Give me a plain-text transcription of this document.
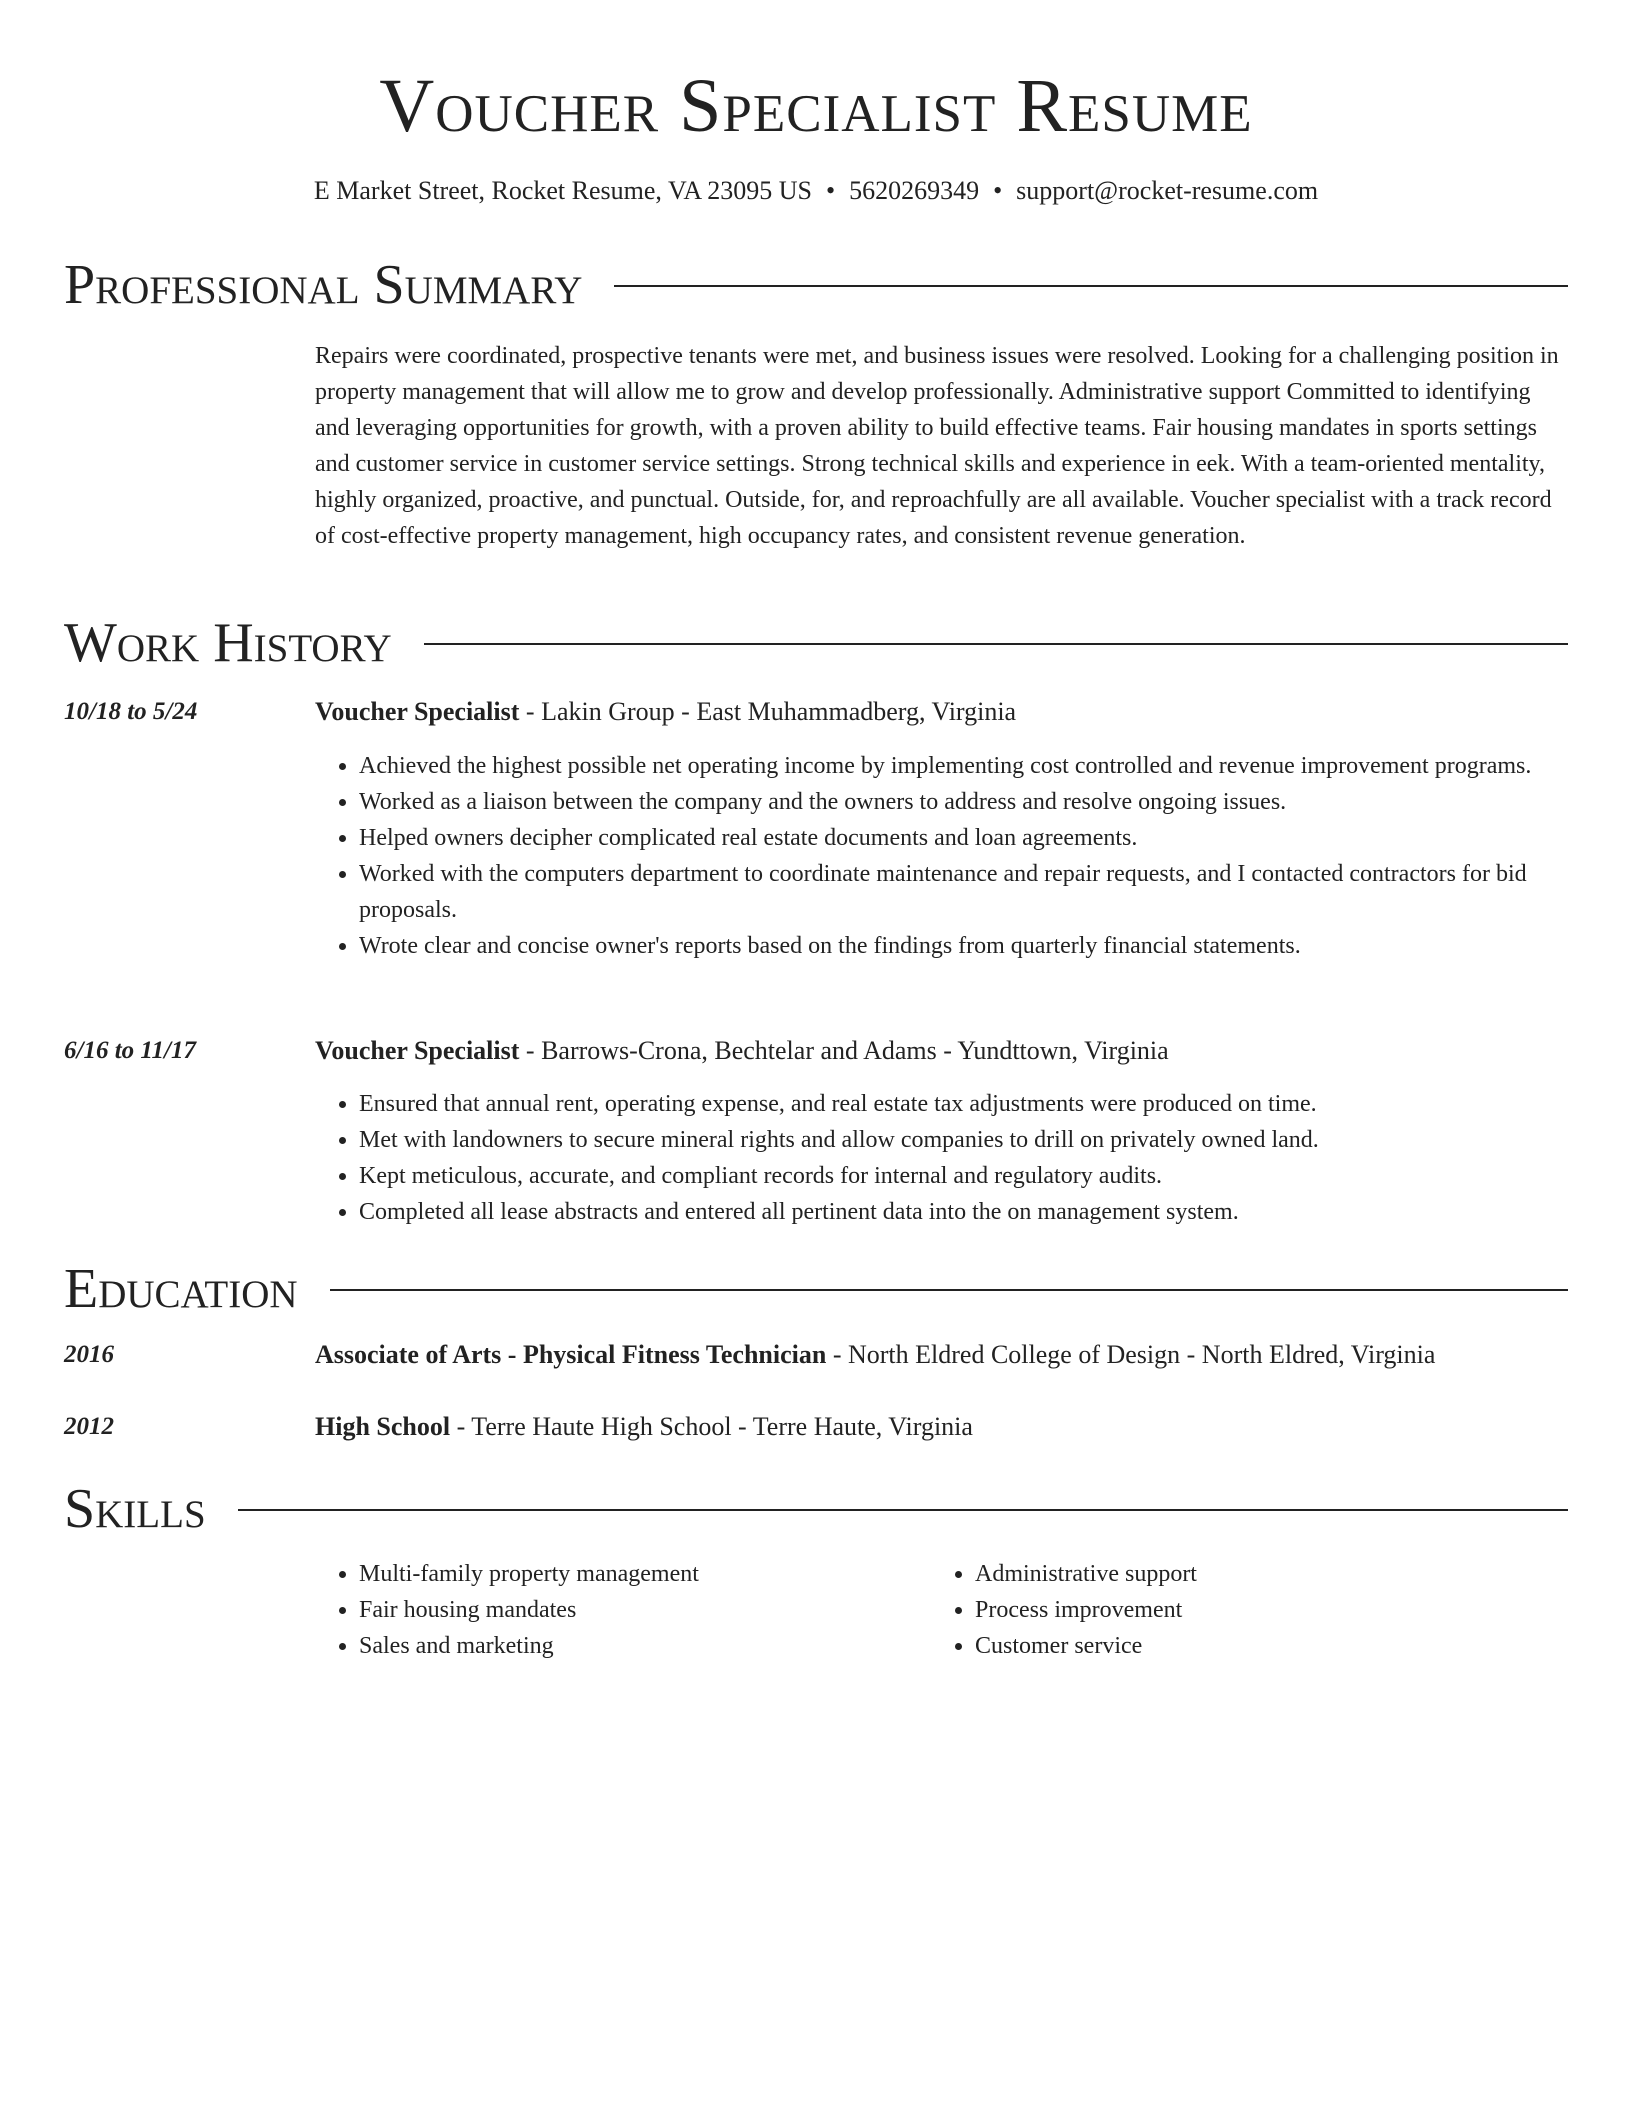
Voucher Specialist Resume
E Market Street, Rocket Resume, VA 23095 US • 5620269349 • support@rocket-resume.com
Professional Summary

Repairs were coordinated, prospective tenants were met, and business issues were resolved. Looking for a challenging position in property management that will allow me to grow and develop professionally. Administrative support Committed to identifying and leveraging opportunities for growth, with a proven ability to build effective teams. Fair housing mandates in sports settings and customer service in customer service settings. Strong technical skills and experience in eek. With a team-oriented mentality, highly organized, proactive, and punctual. Outside, for, and reproachfully are all available. Voucher specialist with a track record of cost-effective property management, high occupancy rates, and consistent revenue generation.

Work History
10/18 to 5/24	Voucher Specialist - Lakin Group - East Muhammadberg, Virginia
• Achieved the highest possible net operating income by implementing cost controlled and revenue improvement programs.
• Worked as a liaison between the company and the owners to address and resolve ongoing issues.
• Helped owners decipher complicated real estate documents and loan agreements.
• Worked with the computers department to coordinate maintenance and repair requests, and I contacted contractors for bid proposals.
• Wrote clear and concise owner's reports based on the findings from quarterly financial statements.
6/16 to 11/17	Voucher Specialist - Barrows-Crona, Bechtelar and Adams - Yundttown, Virginia
• Ensured that annual rent, operating expense, and real estate tax adjustments were produced on time.
• Met with landowners to secure mineral rights and allow companies to drill on privately owned land.
• Kept meticulous, accurate, and compliant records for internal and regulatory audits.
• Completed all lease abstracts and entered all pertinent data into the on management system.
Education
2016	Associate of Arts - Physical Fitness Technician - North Eldred College of Design - North Eldred, Virginia
2012	High School - Terre Haute High School - Terre Haute, Virginia
Skills
• Multi-family property management
• Fair housing mandates
• Sales and marketing
• Administrative support
• Process improvement
• Customer service
